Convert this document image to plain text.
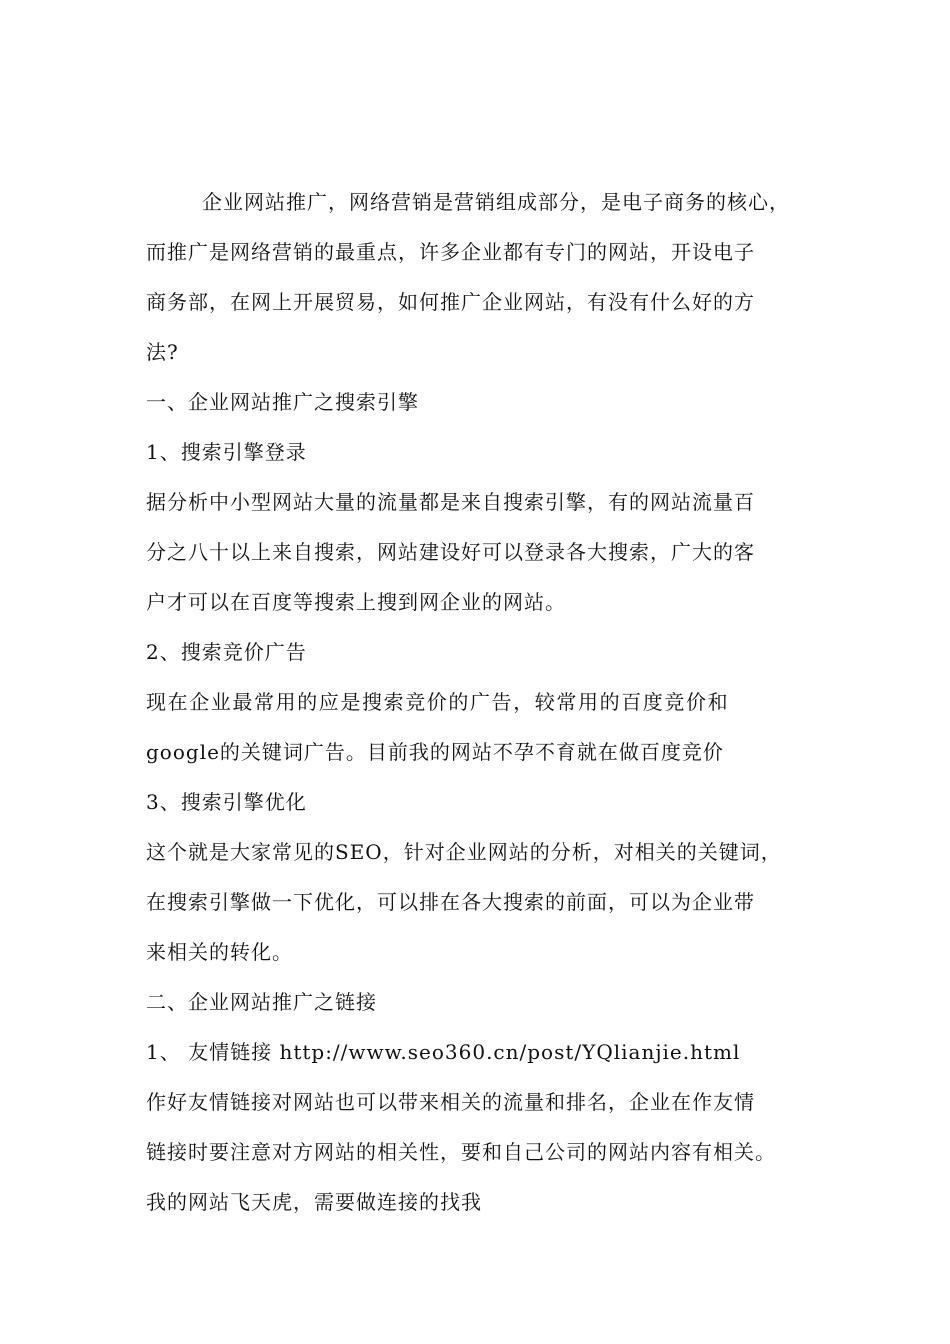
企业网站推广，网络营销是营销组成部分，是电子商务的核心，
而推广是网络营销的最重点，许多企业都有专门的网站，开设电子
商务部，在网上开展贸易，如何推广企业网站，有没有什么好的方
法?
一、企业网站推广之搜索引擎
1、搜索引擎登录
据分析中小型网站大量的流量都是来自搜索引擎，有的网站流量百
分之八十以上来自搜索，网站建设好可以登录各大搜索，广大的客
户才可以在百度等搜索上搜到网企业的网站。
2、搜索竞价广告
现在企业最常用的应是搜索竞价的广告，较常用的百度竞价和
google的关键词广告。目前我的网站不孕不育就在做百度竞价
3、搜索引擎优化
这个就是大家常见的SEO，针对企业网站的分析，对相关的关键词，
在搜索引擎做一下优化，可以排在各大搜索的前面，可以为企业带
来相关的转化。
二、企业网站推广之链接
1、 友情链接 http://www.seo360.cn/post/YQlianjie.html
作好友情链接对网站也可以带来相关的流量和排名，企业在作友情
链接时要注意对方网站的相关性，要和自己公司的网站内容有相关。
我的网站飞天虎，需要做连接的找我
